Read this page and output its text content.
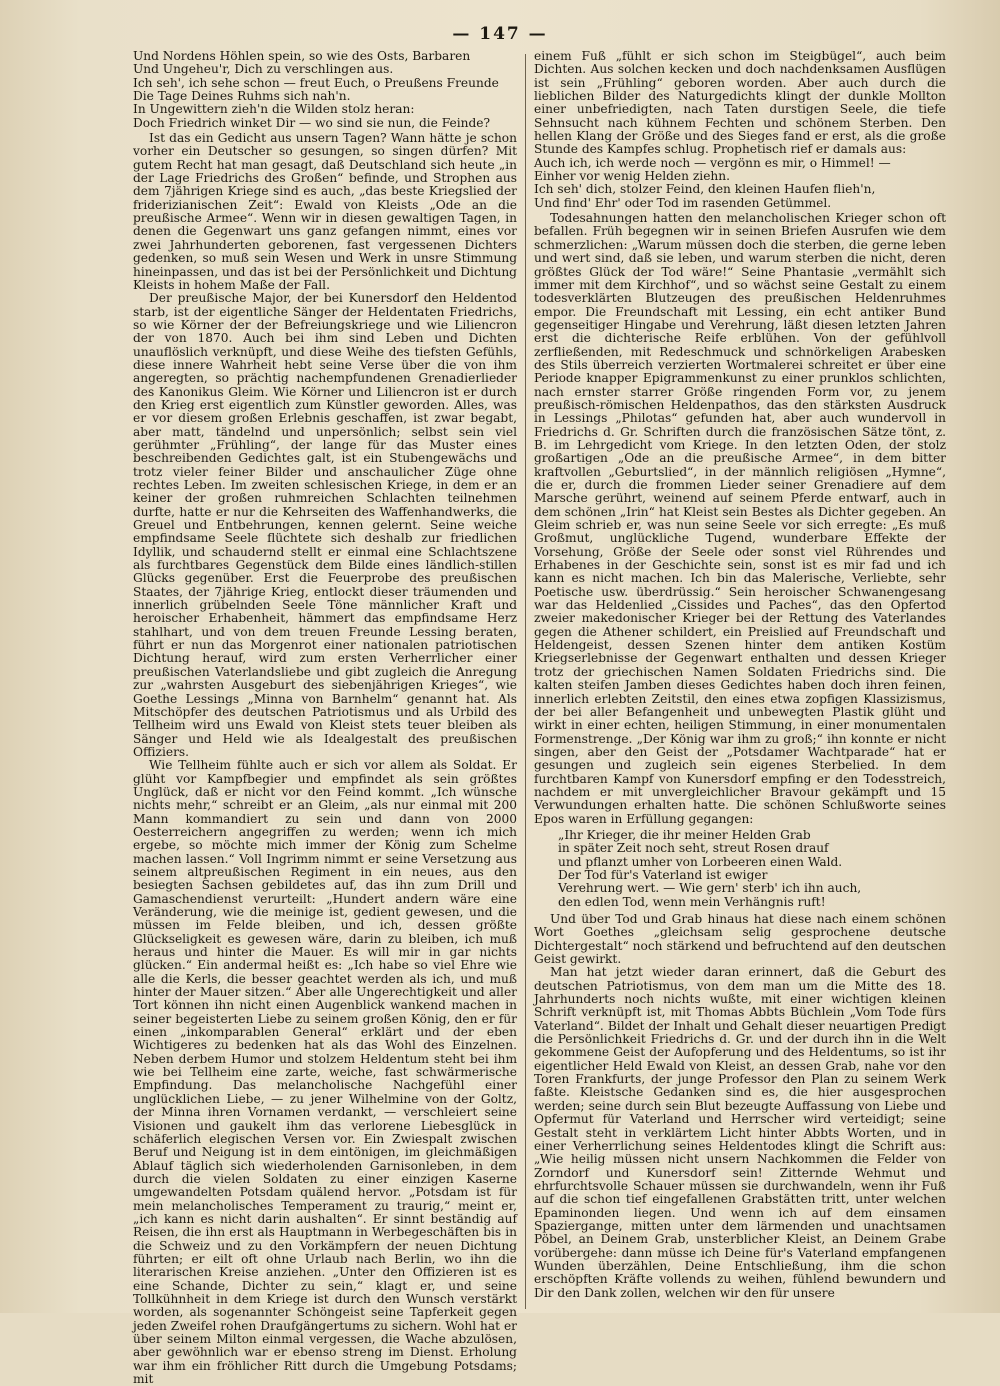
— 147 —
Und Nordens Höhlen spein, so wie des Osts, Barbaren
Und Ungeheu'r, Dich zu verschlingen aus.
Ich seh', ich sehe schon — freut Euch, o Preußens Freunde
Die Tage Deines Ruhms sich nah'n.
In Ungewittern zieh'n die Wilden stolz heran:
Doch Friedrich winket Dir — wo sind sie nun, die Feinde?

Ist das ein Gedicht aus unsern Tagen? Wann hätte je schon vorher ein Deutscher so gesungen, so singen dürfen? Mit gutem Recht hat man gesagt, daß Deutschland sich heute „in der Lage Friedrichs des Großen“ befinde, und Strophen aus dem 7jährigen Kriege sind es auch, „das beste Kriegslied der friderizianischen Zeit“: Ewald von Kleists „Ode an die preußische Armee“. Wenn wir in diesen gewaltigen Tagen, in denen die Gegenwart uns ganz gefangen nimmt, eines vor zwei Jahrhunderten geborenen, fast vergessenen Dichters gedenken, so muß sein Wesen und Werk in unsre Stimmung hineinpassen, und das ist bei der Persönlichkeit und Dichtung Kleists in hohem Maße der Fall.

Der preußische Major, der bei Kunersdorf den Heldentod starb, ist der eigentliche Sänger der Heldentaten Friedrichs, so wie Körner der der Befreiungskriege und wie Liliencron der von 1870. Auch bei ihm sind Leben und Dichten unauflöslich verknüpft, und diese Weihe des tiefsten Gefühls, diese innere Wahrheit hebt seine Verse über die von ihm angeregten, so prächtig nachempfundenen Grenadierlieder des Kanonikus Gleim. Wie Körner und Liliencron ist er durch den Krieg erst eigentlich zum Künstler geworden. Alles, was er vor diesem großen Erlebnis geschaffen, ist zwar begabt, aber matt, tändelnd und unpersönlich; selbst sein viel gerühmter „Frühling“, der lange für das Muster eines beschreibenden Gedichtes galt, ist ein Stubengewächs und trotz vieler feiner Bilder und anschaulicher Züge ohne rechtes Leben. Im zweiten schlesischen Kriege, in dem er an keiner der großen ruhmreichen Schlachten teilnehmen durfte, hatte er nur die Kehrseiten des Waffenhandwerks, die Greuel und Entbehrungen, kennen gelernt. Seine weiche empfindsame Seele flüchtete sich deshalb zur friedlichen Idyllik, und schaudernd stellt er einmal eine Schlachtszene als furchtbares Gegenstück dem Bilde eines ländlich-stillen Glücks gegenüber. Erst die Feuerprobe des preußischen Staates, der 7jährige Krieg, entlockt dieser träumenden und innerlich grübelnden Seele Töne männlicher Kraft und heroischer Erhabenheit, hämmert das empfindsame Herz stahlhart, und von dem treuen Freunde Lessing beraten, führt er nun das Morgenrot einer nationalen patriotischen Dichtung herauf, wird zum ersten Verherrlicher einer preußischen Vaterlandsliebe und gibt zugleich die Anregung zur „wahrsten Ausgeburt des siebenjährigen Krieges“, wie Goethe Lessings „Minna von Barnhelm“ genannt hat. Als Mitschöpfer des deutschen Patriotismus und als Urbild des Tellheim wird uns Ewald von Kleist stets teuer bleiben als Sänger und Held wie als Idealgestalt des preußischen Offiziers.

Wie Tellheim fühlte auch er sich vor allem als Soldat. Er glüht vor Kampfbegier und empfindet als sein größtes Unglück, daß er nicht vor den Feind kommt. „Ich wünsche nichts mehr,“ schreibt er an Gleim, „als nur einmal mit 200 Mann kommandiert zu sein und dann von 2000 Oesterreichern angegriffen zu werden; wenn ich mich ergebe, so möchte mich immer der König zum Schelme machen lassen.“ Voll Ingrimm nimmt er seine Versetzung aus seinem altpreußischen Regiment in ein neues, aus den besiegten Sachsen gebildetes auf, das ihn zum Drill und Gamaschendienst verurteilt: „Hundert andern wäre eine Veränderung, wie die meinige ist, gedient gewesen, und die müssen im Felde bleiben, und ich, dessen größte Glückseligkeit es gewesen wäre, darin zu bleiben, ich muß heraus und hinter die Mauer. Es will mir in gar nichts glücken.“ Ein andermal heißt es: „Ich habe so viel Ehre wie alle die Kerls, die besser geachtet werden als ich, und muß hinter der Mauer sitzen.“ Aber alle Ungerechtigkeit und aller Tort können ihn nicht einen Augenblick wankend machen in seiner begeisterten Liebe zu seinem großen König, den er für einen „inkomparablen General“ erklärt und der eben Wichtigeres zu bedenken hat als das Wohl des Einzelnen. Neben derbem Humor und stolzem Heldentum steht bei ihm wie bei Tellheim eine zarte, weiche, fast schwärmerische Empfindung. Das melancholische Nachgefühl einer unglücklichen Liebe, — zu jener Wilhelmine von der Goltz, der Minna ihren Vornamen verdankt, — verschleiert seine Visionen und gaukelt ihm das verlorene Liebesglück in schäferlich elegischen Versen vor. Ein Zwiespalt zwischen Beruf und Neigung ist in dem eintönigen, im gleichmäßigen Ablauf täglich sich wiederholenden Garnisonleben, in dem durch die vielen Soldaten zu einer einzigen Kaserne umgewandelten Potsdam quälend hervor. „Potsdam ist für mein melancholisches Temperament zu traurig,“ meint er, „ich kann es nicht darin aushalten“. Er sinnt beständig auf Reisen, die ihn erst als Hauptmann in Werbegeschäften bis in die Schweiz und zu den Vorkämpfern der neuen Dichtung führten; er eilt oft ohne Urlaub nach Berlin, wo ihn die literarischen Kreise anziehen. „Unter den Offizieren ist es eine Schande, Dichter zu sein,“ klagt er, und seine Tollkühnheit in dem Kriege ist durch den Wunsch verstärkt worden, als sogenannter Schöngeist seine Tapferkeit gegen jeden Zweifel rohen Draufgängertums zu sichern. Wohl hat er über seinem Milton einmal vergessen, die Wache abzulösen, aber gewöhnlich war er ebenso streng im Dienst. Erholung war ihm ein fröhlicher Ritt durch die Umgebung Potsdams; mit

einem Fuß „fühlt er sich schon im Steigbügel“, auch beim Dichten. Aus solchen kecken und doch nachdenksamen Ausflügen ist sein „Frühling“ geboren worden. Aber auch durch die lieblichen Bilder des Naturgedichts klingt der dunkle Mollton einer unbefriedigten, nach Taten durstigen Seele, die tiefe Sehnsucht nach kühnem Fechten und schönem Sterben. Den hellen Klang der Größe und des Sieges fand er erst, als die große Stunde des Kampfes schlug. Prophetisch rief er damals aus:

Auch ich, ich werde noch — vergönn es mir, o Himmel! —
Einher vor wenig Helden ziehn.
Ich seh' dich, stolzer Feind, den kleinen Haufen flieh'n,
Und find' Ehr' oder Tod im rasenden Getümmel.

Todesahnungen hatten den melancholischen Krieger schon oft befallen. Früh begegnen wir in seinen Briefen Ausrufen wie dem schmerzlichen: „Warum müssen doch die sterben, die gerne leben und wert sind, daß sie leben, und warum sterben die nicht, deren größtes Glück der Tod wäre!“ Seine Phantasie „vermählt sich immer mit dem Kirchhof“, und so wächst seine Gestalt zu einem todesverklärten Blutzeugen des preußischen Heldenruhmes empor. Die Freundschaft mit Lessing, ein echt antiker Bund gegenseitiger Hingabe und Verehrung, läßt diesen letzten Jahren erst die dichterische Reife erblühen. Von der gefühlvoll zerfließenden, mit Redeschmuck und schnörkeligen Arabesken des Stils überreich verzierten Wortmalerei schreitet er über eine Periode knapper Epigrammenkunst zu einer prunklos schlichten, nach ernster starrer Größe ringenden Form vor, zu jenem preußisch-römischen Heldenpathos, das den stärksten Ausdruck in Lessings „Philotas“ gefunden hat, aber auch wundervoll in Friedrichs d. Gr. Schriften durch die französischen Sätze tönt, z. B. im Lehrgedicht vom Kriege. In den letzten Oden, der stolz großartigen „Ode an die preußische Armee“, in dem bitter kraftvollen „Geburtslied“, in der männlich religiösen „Hymne“, die er, durch die frommen Lieder seiner Grenadiere auf dem Marsche gerührt, weinend auf seinem Pferde entwarf, auch in dem schönen „Irin“ hat Kleist sein Bestes als Dichter gegeben. An Gleim schrieb er, was nun seine Seele vor sich erregte: „Es muß Großmut, unglückliche Tugend, wunderbare Effekte der Vorsehung, Größe der Seele oder sonst viel Rührendes und Erhabenes in der Geschichte sein, sonst ist es mir fad und ich kann es nicht machen. Ich bin das Malerische, Verliebte, sehr Poetische usw. überdrüssig.“ Sein heroischer Schwanengesang war das Heldenlied „Cissides und Paches“, das den Opfertod zweier makedonischer Krieger bei der Rettung des Vaterlandes gegen die Athener schildert, ein Preislied auf Freundschaft und Heldengeist, dessen Szenen hinter dem antiken Kostüm Kriegserlebnisse der Gegenwart enthalten und dessen Krieger trotz der griechischen Namen Soldaten Friedrichs sind. Die kalten steifen Jamben dieses Gedichtes haben doch ihren feinen, innerlich erlebten Zeitstil, den eines etwa zopfigen Klassizismus, der bei aller Befangenheit und unbewegten Plastik glüht und wirkt in einer echten, heiligen Stimmung, in einer monumentalen Formenstrenge. „Der König war ihm zu groß;“ ihn konnte er nicht singen, aber den Geist der „Potsdamer Wachtparade“ hat er gesungen und zugleich sein eigenes Sterbelied. In dem furchtbaren Kampf von Kunersdorf empfing er den Todesstreich, nachdem er mit unvergleichlicher Bravour gekämpft und 15 Verwundungen erhalten hatte. Die schönen Schlußworte seines Epos waren in Erfüllung gegangen:

„Ihr Krieger, die ihr meiner Helden Grab
in später Zeit noch seht, streut Rosen drauf
und pflanzt umher von Lorbeeren einen Wald.
Der Tod für's Vaterland ist ewiger
Verehrung wert. — Wie gern' sterb' ich ihn auch,
den edlen Tod, wenn mein Verhängnis ruft!

Und über Tod und Grab hinaus hat diese nach einem schönen Wort Goethes „gleichsam selig gesprochene deutsche Dichtergestalt“ noch stärkend und befruchtend auf den deutschen Geist gewirkt.

Man hat jetzt wieder daran erinnert, daß die Geburt des deutschen Patriotismus, von dem man um die Mitte des 18. Jahrhunderts noch nichts wußte, mit einer wichtigen kleinen Schrift verknüpft ist, mit Thomas Abbts Büchlein „Vom Tode fürs Vaterland“. Bildet der Inhalt und Gehalt dieser neuartigen Predigt die Persönlichkeit Friedrichs d. Gr. und der durch ihn in die Welt gekommene Geist der Aufopferung und des Heldentums, so ist ihr eigentlicher Held Ewald von Kleist, an dessen Grab, nahe vor den Toren Frankfurts, der junge Professor den Plan zu seinem Werk faßte. Kleistsche Gedanken sind es, die hier ausgesprochen werden; seine durch sein Blut bezeugte Auffassung von Liebe und Opfermut für Vaterland und Herrscher wird verteidigt; seine Gestalt steht in verklärtem Licht hinter Abbts Worten, und in einer Verherrlichung seines Heldentodes klingt die Schrift aus: „Wie heilig müssen nicht unsern Nachkommen die Felder von Zorndorf und Kunersdorf sein! Zitternde Wehmut und ehrfurchtsvolle Schauer müssen sie durchwandeln, wenn ihr Fuß auf die schon tief eingefallenen Grabstätten tritt, unter welchen Epaminonden liegen. Und wenn ich auf dem einsamen Spaziergange, mitten unter dem lärmenden und unachtsamen Pöbel, an Deinem Grab, unsterblicher Kleist, an Deinem Grabe vorübergehe: dann müsse ich Deine für's Vaterland empfangenen Wunden überzählen, Deine Entschließung, ihm die schon erschöpften Kräfte vollends zu weihen, fühlend bewundern und Dir den Dank zollen, welchen wir den für unsere
